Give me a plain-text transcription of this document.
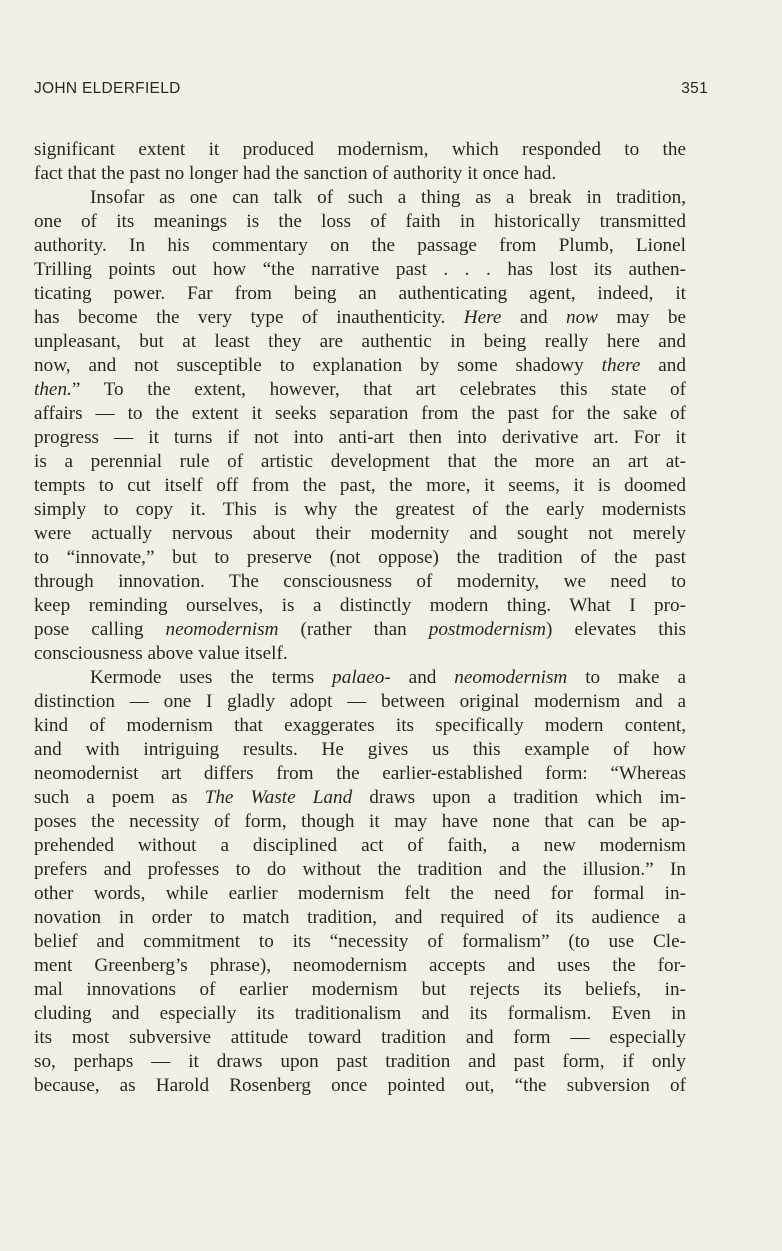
JOHN ELDERFIELD	351
significant extent it produced modernism, which responded to the
fact that the past no longer had the sanction of authority it once had.
Insofar as one can talk of such a thing as a break in tradition,
one of its meanings is the loss of faith in historically transmitted
authority. In his commentary on the passage from Plumb, Lionel
Trilling points out how “the narrative past . . . has lost its authen-
ticating power. Far from being an authenticating agent, indeed, it
has become the very type of inauthenticity. Here and now may be
unpleasant, but at least they are authentic in being really here and
now, and not susceptible to explanation by some shadowy there and
then.” To the extent, however, that art celebrates this state of
affairs — to the extent it seeks separation from the past for the sake of
progress — it turns if not into anti-art then into derivative art. For it
is a perennial rule of artistic development that the more an art at-
tempts to cut itself off from the past, the more, it seems, it is doomed
simply to copy it. This is why the greatest of the early modernists
were actually nervous about their modernity and sought not merely
to “innovate,” but to preserve (not oppose) the tradition of the past
through innovation. The consciousness of modernity, we need to
keep reminding ourselves, is a distinctly modern thing. What I pro-
pose calling neomodernism (rather than postmodernism) elevates this
consciousness above value itself.
Kermode uses the terms palaeo- and neomodernism to make a
distinction — one I gladly adopt — between original modernism and a
kind of modernism that exaggerates its specifically modern content,
and with intriguing results. He gives us this example of how
neomodernist art differs from the earlier-established form: “Whereas
such a poem as The Waste Land draws upon a tradition which im-
poses the necessity of form, though it may have none that can be ap-
prehended without a disciplined act of faith, a new modernism
prefers and professes to do without the tradition and the illusion.” In
other words, while earlier modernism felt the need for formal in-
novation in order to match tradition, and required of its audience a
belief and commitment to its “necessity of formalism” (to use Cle-
ment Greenberg’s phrase), neomodernism accepts and uses the for-
mal innovations of earlier modernism but rejects its beliefs, in-
cluding and especially its traditionalism and its formalism. Even in
its most subversive attitude toward tradition and form — especially
so, perhaps — it draws upon past tradition and past form, if only
because, as Harold Rosenberg once pointed out, “the subversion of
